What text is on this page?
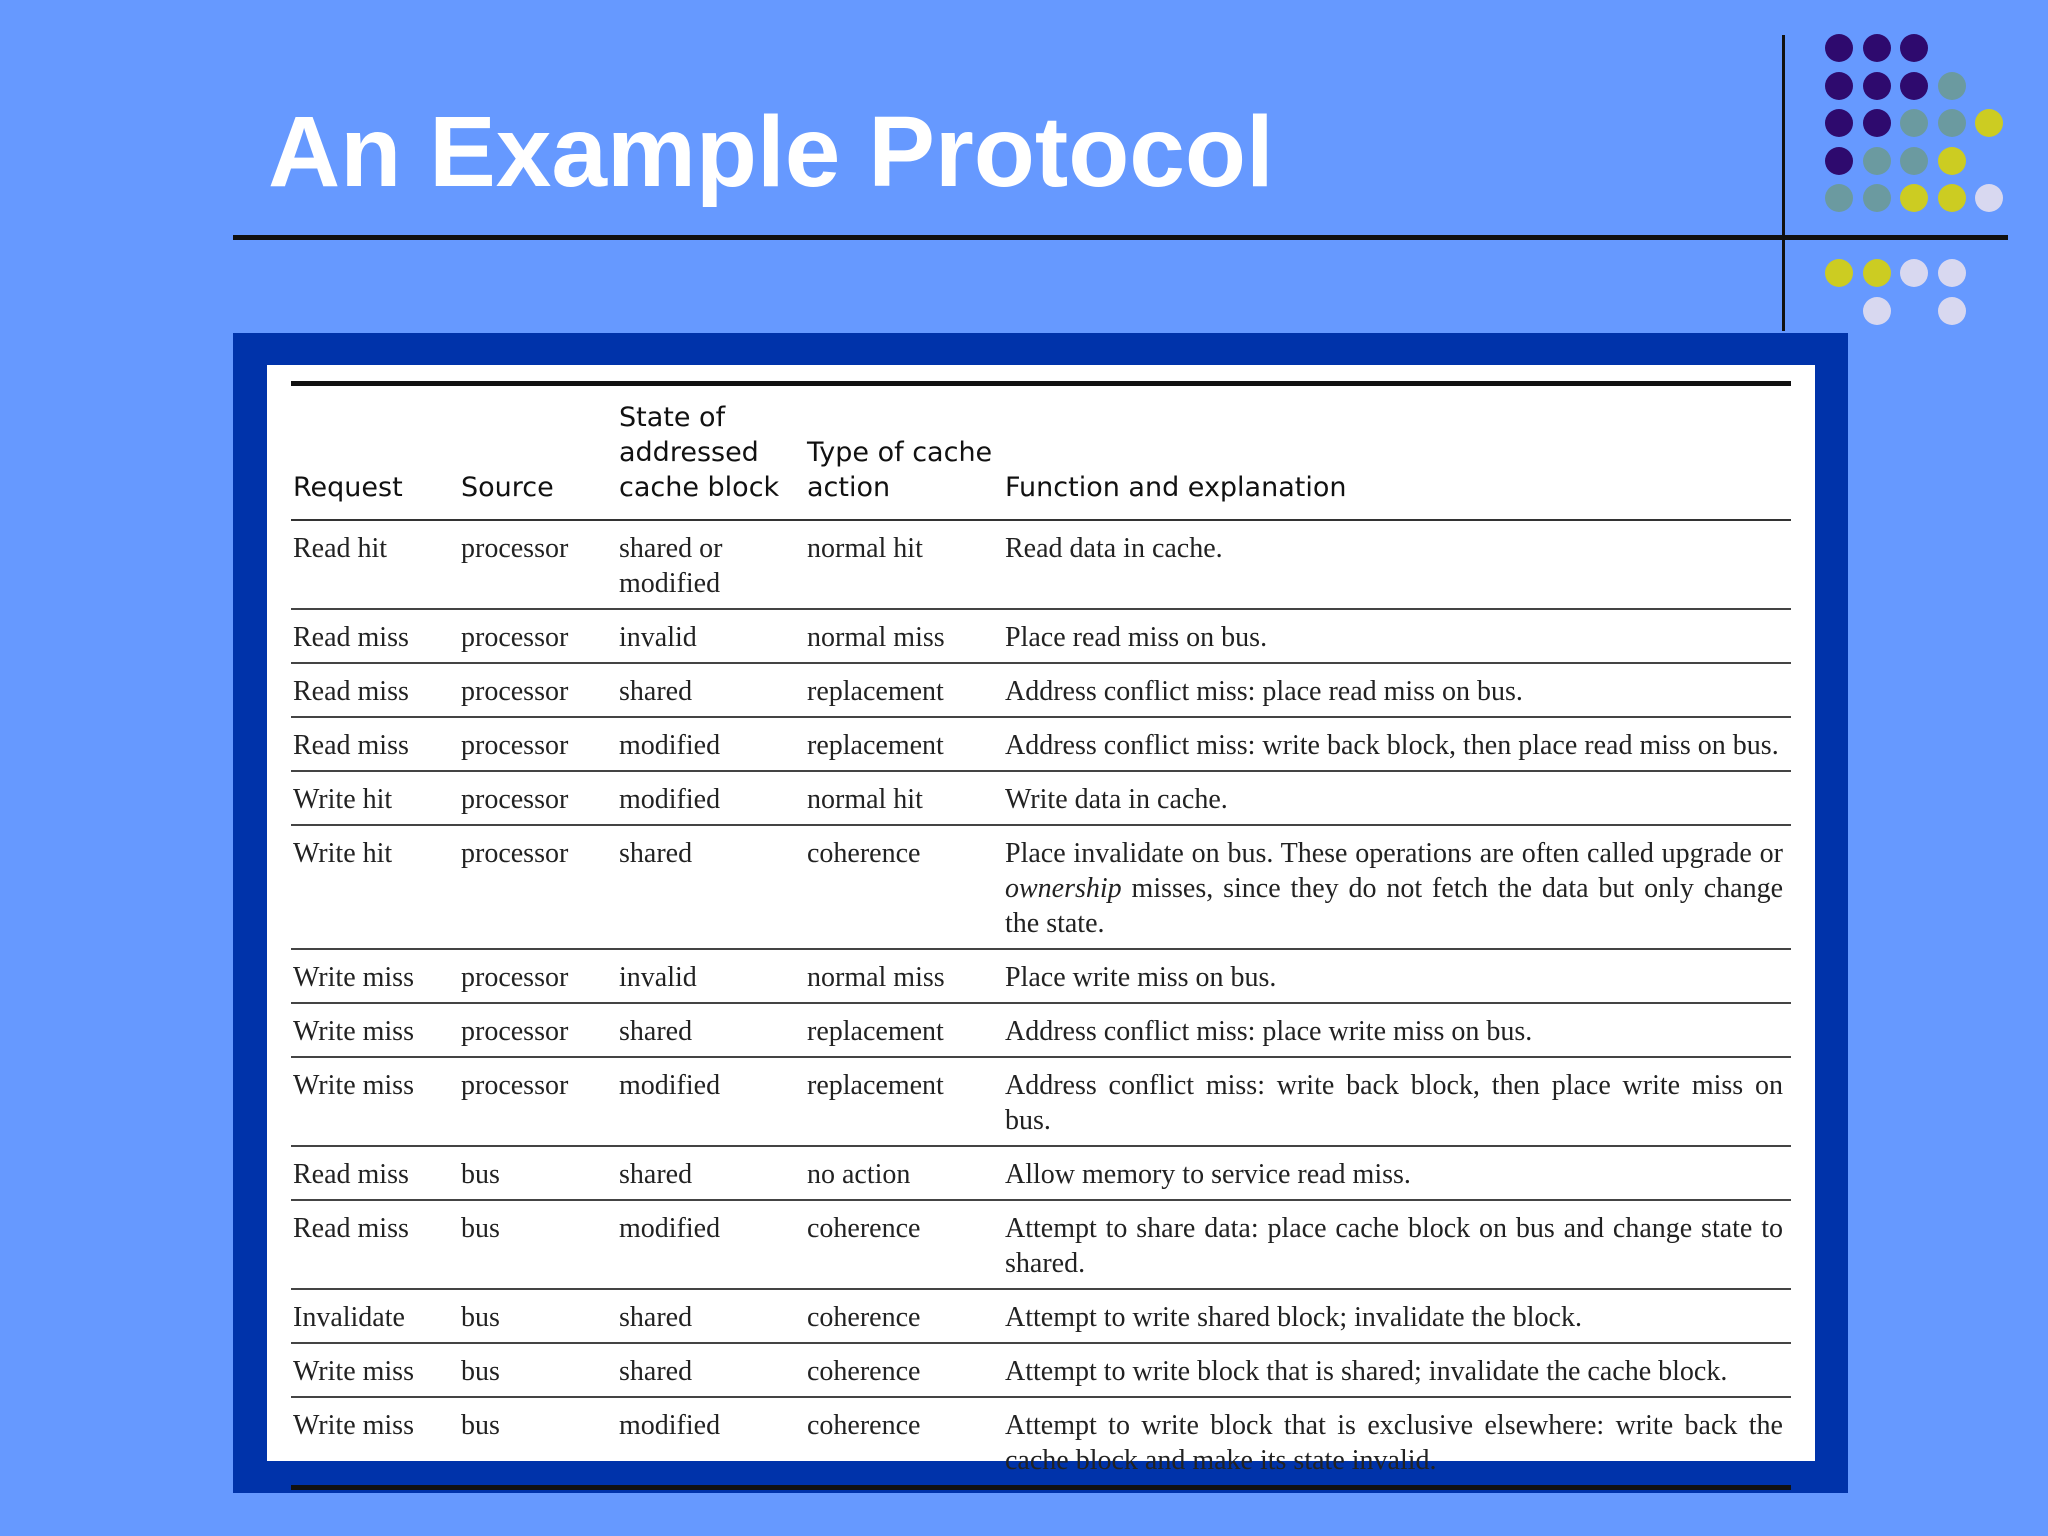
An Example Protocol
Request	Source	State of addressed cache block	Type of cache action	Function and explanation
Read hit	processor	shared or modified	normal hit	Read data in cache.
Read miss	processor	invalid	normal miss	Place read miss on bus.
Read miss	processor	shared	replacement	Address conflict miss: place read miss on bus.
Read miss	processor	modified	replacement	Address conflict miss: write back block, then place read miss on bus.
Write hit	processor	modified	normal hit	Write data in cache.
Write hit	processor	shared	coherence	Place invalidate on bus. These operations are often called upgrade or ownership misses, since they do not fetch the data but only change the state.
Write miss	processor	invalid	normal miss	Place write miss on bus.
Write miss	processor	shared	replacement	Address conflict miss: place write miss on bus.
Write miss	processor	modified	replacement	Address conflict miss: write back block, then place write miss on bus.
Read miss	bus	shared	no action	Allow memory to service read miss.
Read miss	bus	modified	coherence	Attempt to share data: place cache block on bus and change state to shared.
Invalidate	bus	shared	coherence	Attempt to write shared block; invalidate the block.
Write miss	bus	shared	coherence	Attempt to write block that is shared; invalidate the cache block.
Write miss	bus	modified	coherence	Attempt to write block that is exclusive elsewhere: write back the cache block and make its state invalid.
